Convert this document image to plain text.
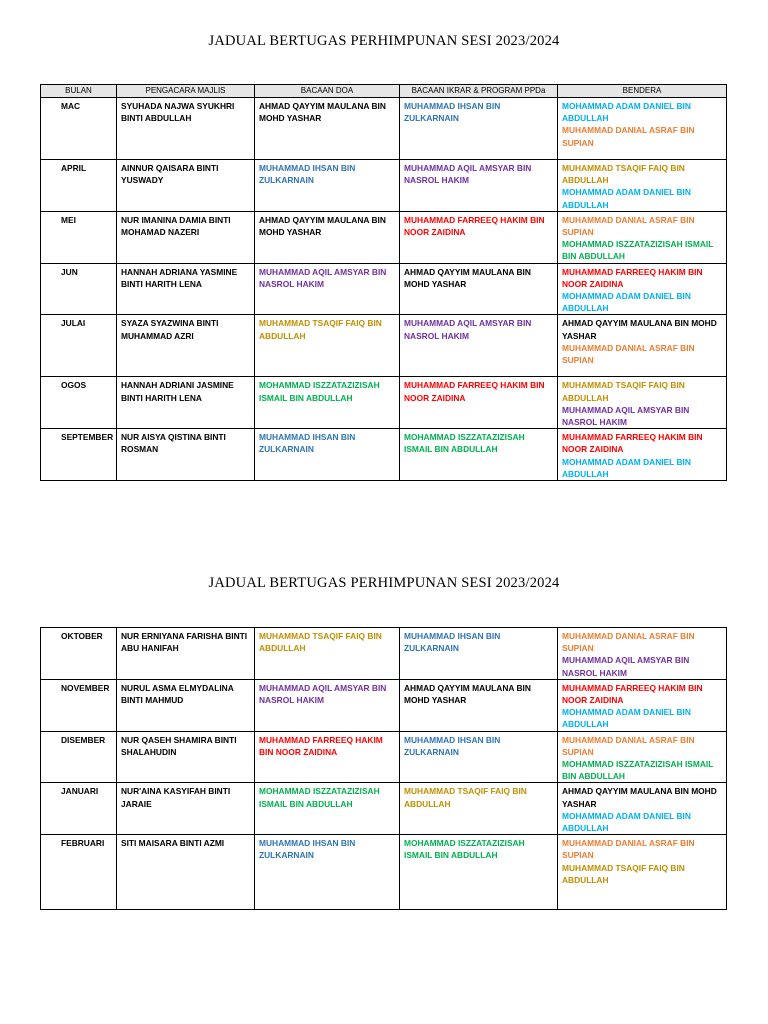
JADUAL BERTUGAS PERHIMPUNAN SESI 2023/2024
BULAN	PENGACARA MAJLIS	BACAAN DOA	BACAAN IKRAR & PROGRAM PPDa	BENDERA
MAC	SYUHADA NAJWA SYUKHRI BINTI ABDULLAH	AHMAD QAYYIM MAULANA BIN MOHD YASHAR	MUHAMMAD IHSAN BIN ZULKARNAIN	MOHAMMAD ADAM DANIEL BIN ABDULLAH
MUHAMMAD DANIAL ASRAF BIN SUPIAN

APRIL	AINNUR QAISARA BINTI YUSWADY	MUHAMMAD IHSAN BIN ZULKARNAIN	MUHAMMAD AQIL AMSYAR BIN NASROL HAKIM	MUHAMMAD TSAQIF FAIQ BIN ABDULLAH
MOHAMMAD ADAM DANIEL BIN ABDULLAH

MEI	NUR IMANINA DAMIA BINTI MOHAMAD NAZERI	AHMAD QAYYIM MAULANA BIN MOHD YASHAR	MUHAMMAD FARREEQ HAKIM BIN NOOR ZAIDINA	MUHAMMAD DANIAL ASRAF BIN SUPIAN
MOHAMMAD ISZZATAZIZISAH ISMAIL BIN ABDULLAH

JUN	HANNAH ADRIANA YASMINE BINTI HARITH LENA	MUHAMMAD AQIL AMSYAR BIN NASROL HAKIM	AHMAD QAYYIM MAULANA BIN MOHD YASHAR	MUHAMMAD FARREEQ HAKIM BIN NOOR ZAIDINA
MOHAMMAD ADAM DANIEL BIN ABDULLAH

JULAI	SYAZA SYAZWINA BINTI MUHAMMAD AZRI	MUHAMMAD TSAQIF FAIQ BIN ABDULLAH	MUHAMMAD AQIL AMSYAR BIN NASROL HAKIM	AHMAD QAYYIM MAULANA BIN MOHD YASHAR
MUHAMMAD DANIAL ASRAF BIN SUPIAN

OGOS	HANNAH ADRIANI JASMINE BINTI HARITH LENA	MOHAMMAD ISZZATAZIZISAH ISMAIL BIN ABDULLAH	MUHAMMAD FARREEQ HAKIM BIN NOOR ZAIDINA	MUHAMMAD TSAQIF FAIQ BIN ABDULLAH
MUHAMMAD AQIL AMSYAR BIN NASROL HAKIM

SEPTEMBER	NUR AISYA QISTINA BINTI ROSMAN	MUHAMMAD IHSAN BIN ZULKARNAIN	MOHAMMAD ISZZATAZIZISAH ISMAIL BIN ABDULLAH	MUHAMMAD FARREEQ HAKIM BIN NOOR ZAIDINA
MOHAMMAD ADAM DANIEL BIN ABDULLAH
JADUAL BERTUGAS PERHIMPUNAN SESI 2023/2024
OKTOBER	NUR ERNIYANA FARISHA BINTI ABU HANIFAH	MUHAMMAD TSAQIF FAIQ BIN ABDULLAH	MUHAMMAD IHSAN BIN ZULKARNAIN	MUHAMMAD DANIAL ASRAF BIN SUPIAN
MUHAMMAD AQIL AMSYAR BIN NASROL HAKIM

NOVEMBER	NURUL ASMA ELMYDALINA BINTI MAHMUD	MUHAMMAD AQIL AMSYAR BIN NASROL HAKIM	AHMAD QAYYIM MAULANA BIN MOHD YASHAR	MUHAMMAD FARREEQ HAKIM BIN NOOR ZAIDINA
MOHAMMAD ADAM DANIEL BIN ABDULLAH

DISEMBER	NUR QASEH SHAMIRA BINTI SHALAHUDIN	MUHAMMAD FARREEQ HAKIM BIN NOOR ZAIDINA	MUHAMMAD IHSAN BIN ZULKARNAIN	MUHAMMAD DANIAL ASRAF BIN SUPIAN
MOHAMMAD ISZZATAZIZISAH ISMAIL BIN ABDULLAH

JANUARI	NUR'AINA KASYIFAH BINTI JARAIE	MOHAMMAD ISZZATAZIZISAH ISMAIL BIN ABDULLAH	MUHAMMAD TSAQIF FAIQ BIN ABDULLAH	AHMAD QAYYIM MAULANA BIN MOHD YASHAR
MOHAMMAD ADAM DANIEL BIN ABDULLAH

FEBRUARI	SITI MAISARA BINTI AZMI	MUHAMMAD IHSAN BIN ZULKARNAIN	MOHAMMAD ISZZATAZIZISAH ISMAIL BIN ABDULLAH	MUHAMMAD DANIAL ASRAF BIN SUPIAN
MUHAMMAD TSAQIF FAIQ BIN ABDULLAH
